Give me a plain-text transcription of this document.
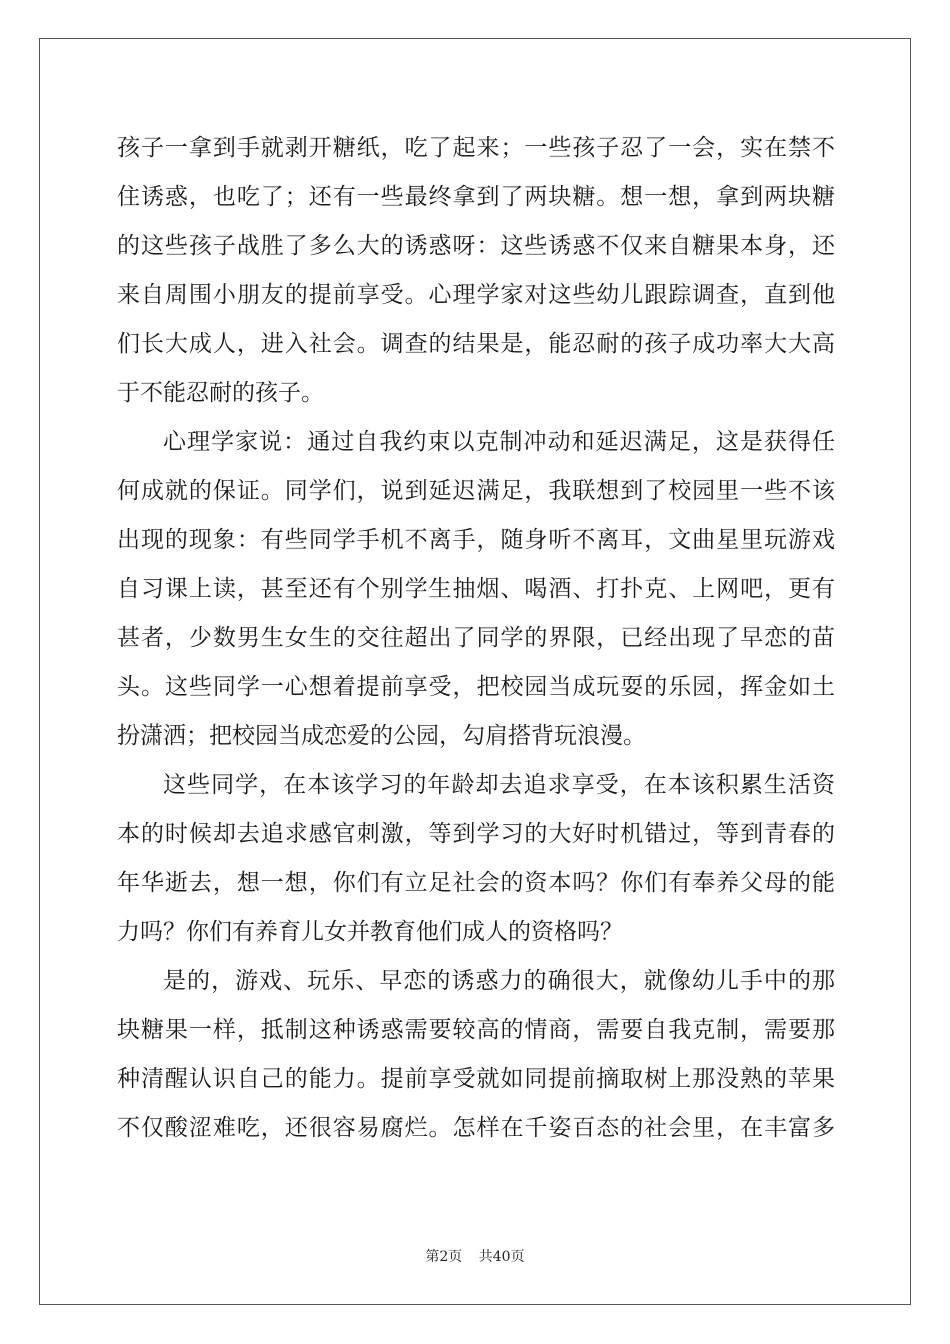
孩子一拿到手就剥开糖纸，吃了起来；一些孩子忍了一会，实在禁不
住诱惑，也吃了；还有一些最终拿到了两块糖。想一想，拿到两块糖
的这些孩子战胜了多么大的诱惑呀：这些诱惑不仅来自糖果本身，还
来自周围小朋友的提前享受。心理学家对这些幼儿跟踪调查，直到他
们长大成人，进入社会。调查的结果是，能忍耐的孩子成功率大大高
于不能忍耐的孩子。
心理学家说：通过自我约束以克制冲动和延迟满足，这是获得任
何成就的保证。同学们，说到延迟满足，我联想到了校园里一些不该
出现的现象：有些同学手机不离手，随身听不离耳，文曲星里玩游戏
自习课上读，甚至还有个别学生抽烟、喝酒、打扑克、上网吧，更有
甚者，少数男生女生的交往超出了同学的界限，已经出现了早恋的苗
头。这些同学一心想着提前享受，把校园当成玩耍的乐园，挥金如土
扮潇洒；把校园当成恋爱的公园，勾肩搭背玩浪漫。
这些同学，在本该学习的年龄却去追求享受，在本该积累生活资
本的时候却去追求感官刺激，等到学习的大好时机错过，等到青春的
年华逝去，想一想，你们有立足社会的资本吗？你们有奉养父母的能
力吗？你们有养育儿女并教育他们成人的资格吗？
是的，游戏、玩乐、早恋的诱惑力的确很大，就像幼儿手中的那
块糖果一样，抵制这种诱惑需要较高的情商，需要自我克制，需要那
种清醒认识自己的能力。提前享受就如同提前摘取树上那没熟的苹果
不仅酸涩难吃，还很容易腐烂。怎样在千姿百态的社会里，在丰富多
第2页 共40页
